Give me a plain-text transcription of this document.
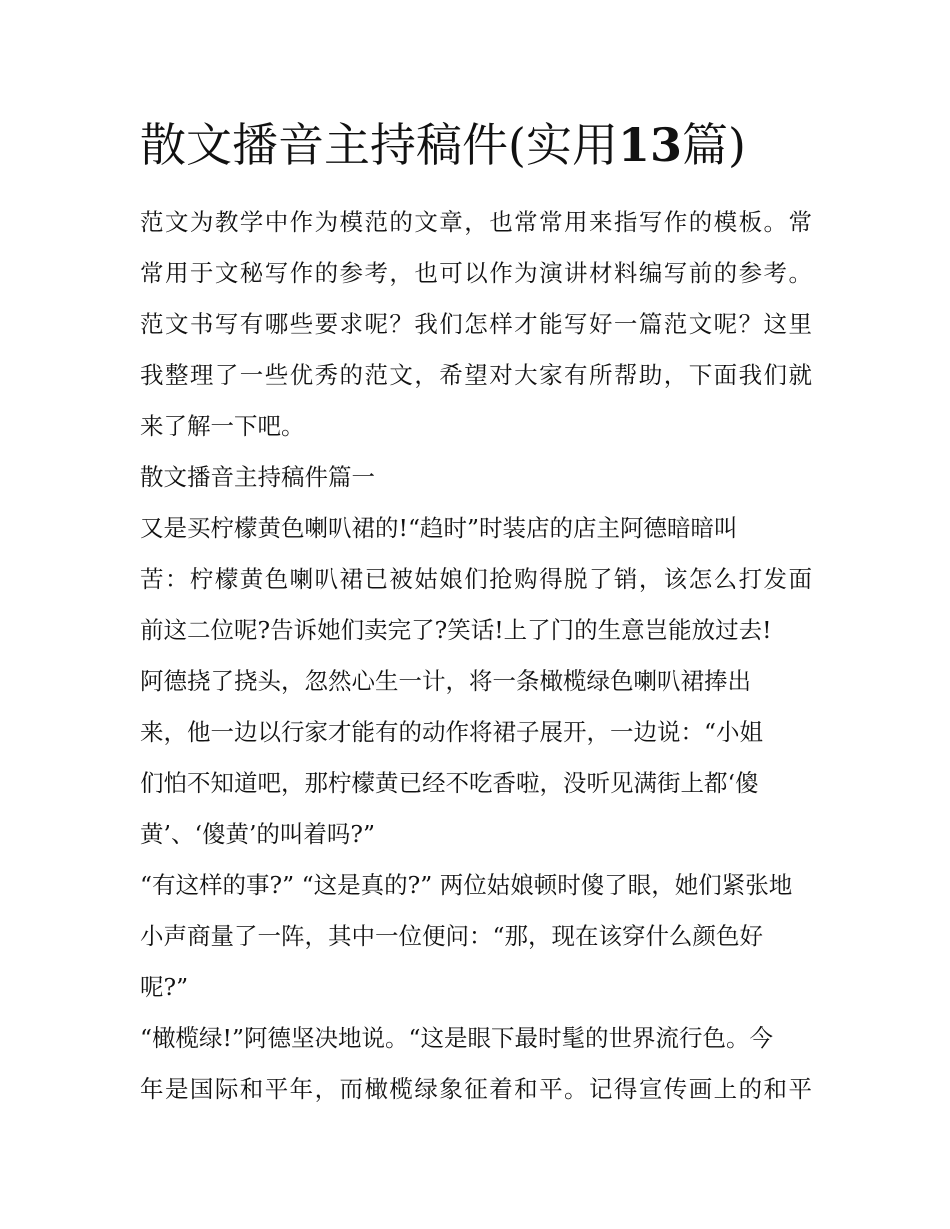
散文播音主持稿件(实用13篇)
范文为教学中作为模范的文章，也常常用来指写作的模板。常
常用于文秘写作的参考，也可以作为演讲材料编写前的参考。
范文书写有哪些要求呢？我们怎样才能写好一篇范文呢？这里
我整理了一些优秀的范文，希望对大家有所帮助，下面我们就
来了解一下吧。
散文播音主持稿件篇一
又是买柠檬黄色喇叭裙的!“趋时”时装店的店主阿德暗暗叫
苦：柠檬黄色喇叭裙已被姑娘们抢购得脱了销，该怎么打发面
前这二位呢?告诉她们卖完了?笑话!上了门的生意岂能放过去!
阿德挠了挠头，忽然心生一计，将一条橄榄绿色喇叭裙捧出
来，他一边以行家才能有的动作将裙子展开，一边说：“小姐
们怕不知道吧，那柠檬黄已经不吃香啦，没听见满街上都‘傻
黄’、‘傻黄’的叫着吗?”
“有这样的事?” “这是真的?” 两位姑娘顿时傻了眼，她们紧张地
小声商量了一阵，其中一位便问：“那，现在该穿什么颜色好
呢?”
“橄榄绿!”阿德坚决地说。“这是眼下最时髦的世界流行色。今
年是国际和平年，而橄榄绿象征着和平。记得宣传画上的和平
